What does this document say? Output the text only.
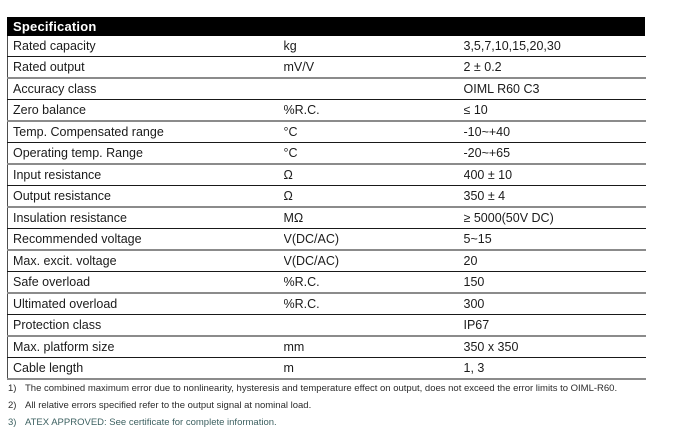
Specification
Rated capacity	kg	3,5,7,10,15,20,30
Rated output	mV/V	2 ± 0.2
Accuracy class		OIML R60 C3
Zero balance	%R.C.	≤ 10
Temp. Compensated range	°C	-10~+40
Operating temp. Range	°C	-20~+65
Input resistance	Ω	400 ± 10
Output resistance	Ω	350 ± 4
Insulation resistance	MΩ	≥ 5000(50V DC)
Recommended voltage	V(DC/AC)	5~15
Max. excit. voltage	V(DC/AC)	20
Safe overload	%R.C.	150
Ultimated overload	%R.C.	300
Protection class		IP67
Max. platform size	mm	350 x 350
Cable length	m	1, 3
1) The combined maximum error due to nonlinearity, hysteresis and temperature effect on output, does not exceed the error limits to OIML-R60.
2) All relative errors specified refer to the output signal at nominal load.
3) ATEX APPROVED: See certificate for complete information.
